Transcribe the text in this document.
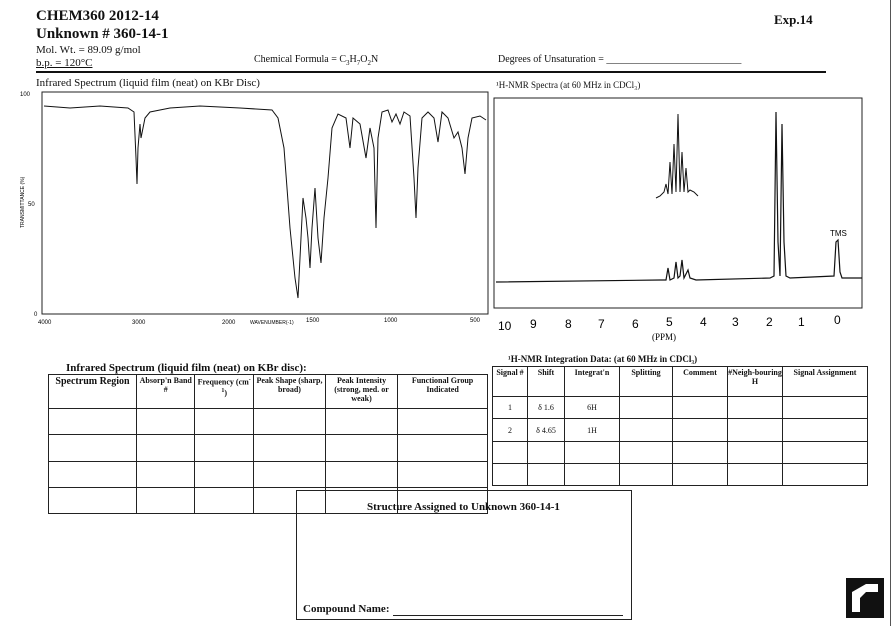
CHEM360 2012-14
Unknown # 360-14-1
Mol. Wt. = 89.09 g/mol
b.p. = 120°C	Chemical Formula = $C_3H_7O_2N$	Degrees of Unsaturation = ___________________________
Exp.14
Infrared Spectrum (liquid film (neat) on KBr Disc)
100
50
0
TRANSMITTANCE (%)
4000	3000	2000	1500	1000	500
WAVENUMBER(-1)
¹H-NMR Spectra (at 60 MHz in CDCl₃)
TMS
10 9 8 7 6 5 4 3 2 1 0
(PPM)
Infrared Spectrum (liquid film (neat) on KBr disc):
Spectrum Region	Absorp'n Band #	Frequency $(cm^{-1})$	Peak Shape (sharp, broad)	Peak Intensity (strong, med. or weak)	Functional Group Indicated

¹H-NMR Integration Data: (at 60 MHz in CDCl₃)
Signal #	Shift	Integrat'n	Splitting	Comment	#Neigh-bouring H	Signal Assignment
1	δ 1.6	6H				
2	δ 4.65	1H				

Structure Assigned to Unknown 360-14-1
Compound Name:
